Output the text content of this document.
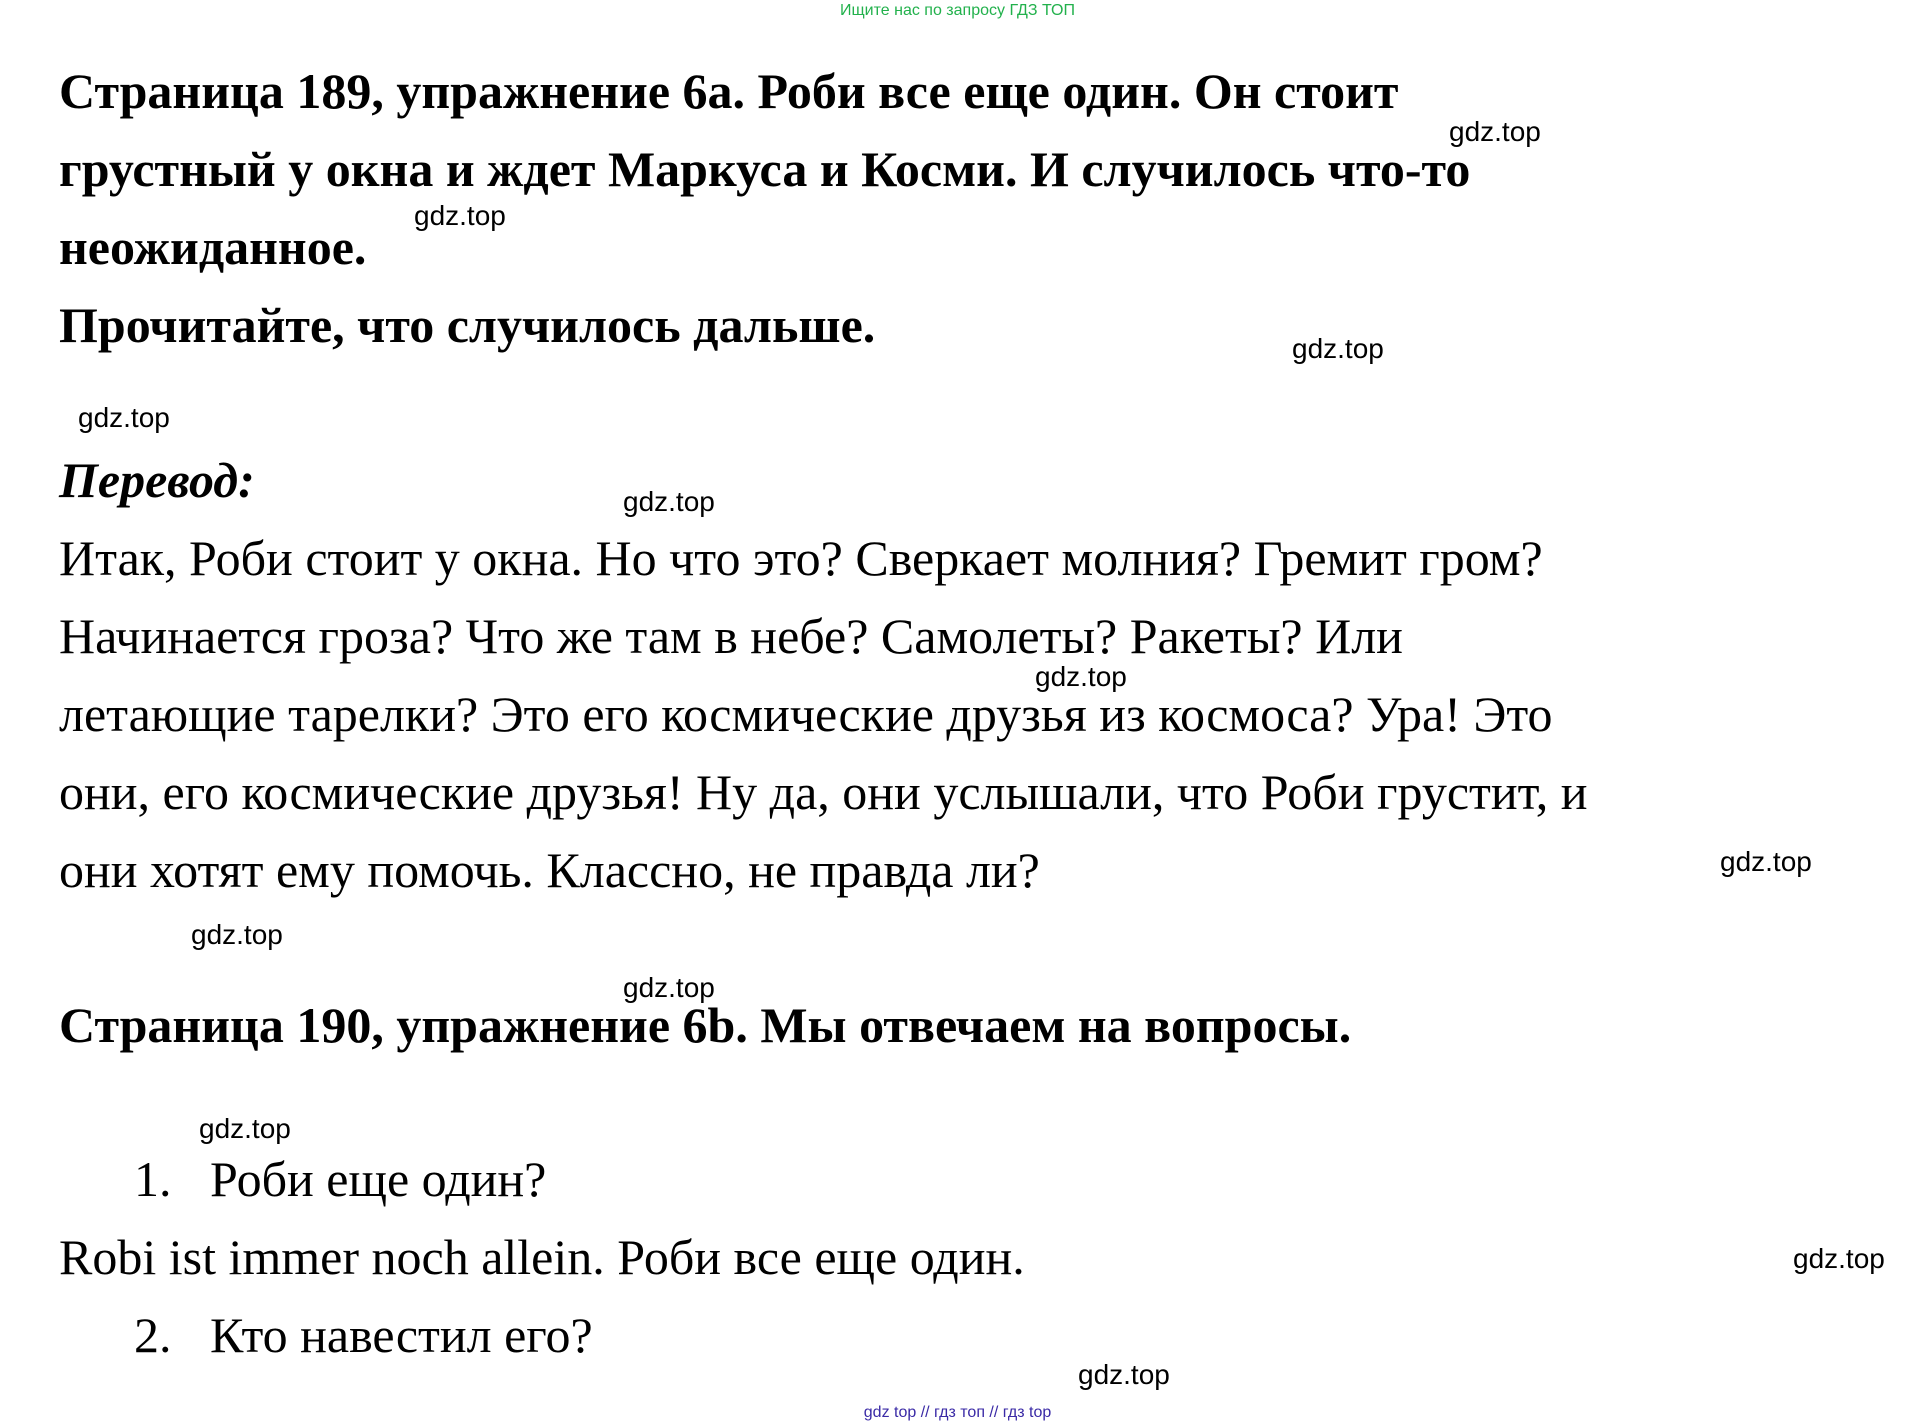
Ищите нас по запросу ГДЗ ТОП
Страница 189, упражнение 6а. Роби все еще один. Он стоит
грустный у окна и ждет Маркуса и Косми. И случилось что-то
неожиданное.
Прочитайте, что случилось дальше.
Перевод:
Итак, Роби стоит у окна. Но что это? Сверкает молния? Гремит гром?
Начинается гроза? Что же там в небе? Самолеты? Ракеты? Или
летающие тарелки? Это его космические друзья из космоса? Ура! Это
они, его космические друзья! Ну да, они услышали, что Роби грустит, и
они хотят ему помочь. Классно, не правда ли?
Страница 190, упражнение 6b. Мы отвечаем на вопросы.
1. Роби еще один?
Robi ist immer noch allein. Роби все еще один.
2. Кто навестил его?
gdz.top
gdz.top
gdz.top
gdz.top
gdz.top
gdz.top
gdz.top
gdz.top
gdz.top
gdz.top
gdz.top
gdz.top
gdz top // гдз топ // гдз top
